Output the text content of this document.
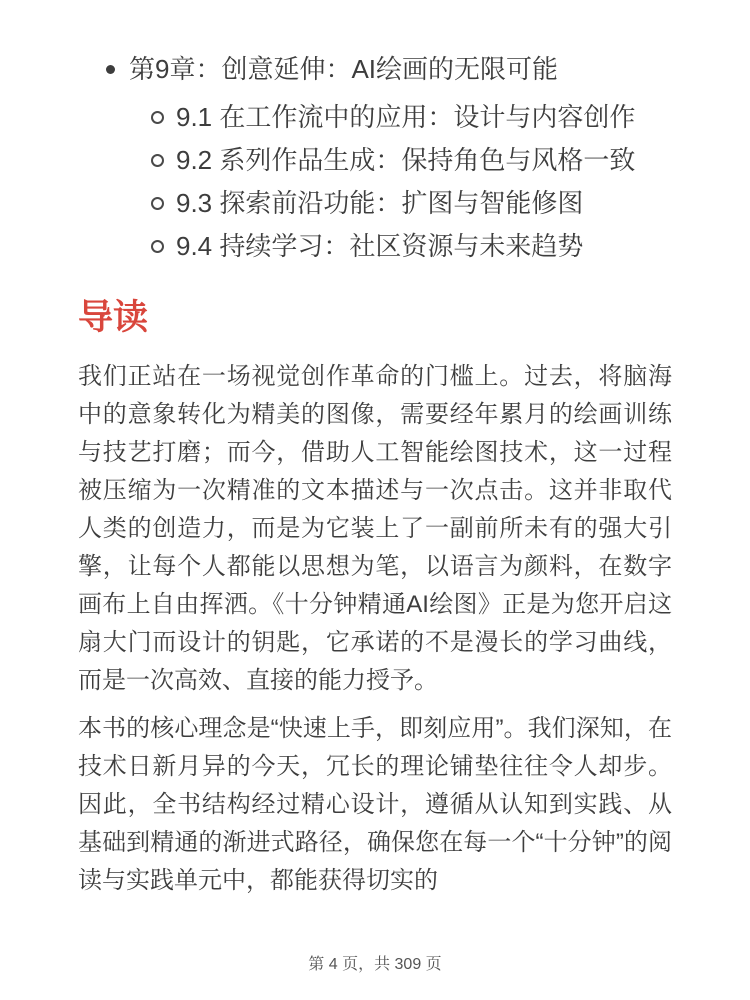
第9章：创意延伸：AI绘画的无限可能
9.1 在工作流中的应用：设计与内容创作
9.2 系列作品生成：保持角色与风格一致
9.3 探索前沿功能：扩图与智能修图
9.4 持续学习：社区资源与未来趋势
导读

我们正站在一场视觉创作革命的门槛上。过去，将脑海中的意象转化为精美的图像，需要经年累月的绘画训练与技艺打磨；而今，借助人工智能绘图技术，这一过程被压缩为一次精准的文本描述与一次点击。这并非取代人类的创造力，而是为它装上了一副前所未有的强大引擎，让每个人都能以思想为笔，以语言为颜料，在数字画布上自由挥洒。《十分钟精通AI绘图》正是为您开启这扇大门而设计的钥匙，它承诺的不是漫长的学习曲线，而是一次高效、直接的能力授予。

本书的核心理念是“快速上手，即刻应用”。我们深知，在技术日新月异的今天，冗长的理论铺垫往往令人却步。因此，全书结构经过精心设计，遵循从认知到实践、从基础到精通的渐进式路径，确保您在每一个“十分钟”的阅读与实践单元中，都能获得切实的

第 4 页，共 309 页
